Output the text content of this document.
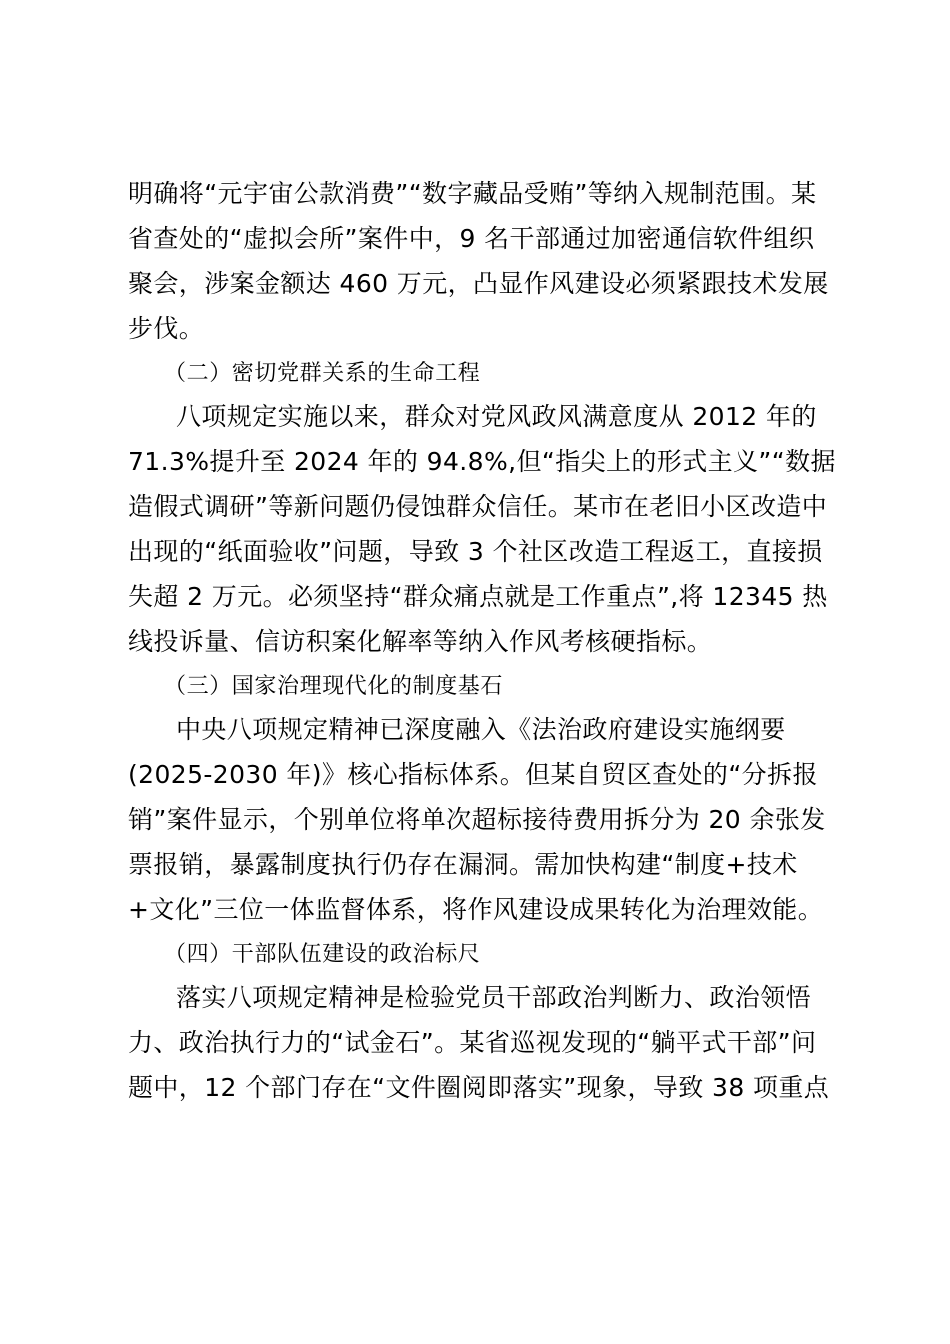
明确将“元宇宙公款消费”“数字藏品受贿”等纳入规制范围。某
省查处的“虚拟会所”案件中，9 名干部通过加密通信软件组织
聚会，涉案金额达 460 万元，凸显作风建设必须紧跟技术发展
步伐。
（二）密切党群关系的生命工程
八项规定实施以来，群众对党风政风满意度从 2012 年的
71.3%提升至 2024 年的 94.8%,但“指尖上的形式主义”“数据
造假式调研”等新问题仍侵蚀群众信任。某市在老旧小区改造中
出现的“纸面验收”问题，导致 3 个社区改造工程返工，直接损
失超 2 万元。必须坚持“群众痛点就是工作重点”,将 12345 热
线投诉量、信访积案化解率等纳入作风考核硬指标。
（三）国家治理现代化的制度基石
中央八项规定精神已深度融入《法治政府建设实施纲要
(2025-2030 年)》核心指标体系。但某自贸区查处的“分拆报
销”案件显示，个别单位将单次超标接待费用拆分为 20 余张发
票报销，暴露制度执行仍存在漏洞。需加快构建“制度+技术
+文化”三位一体监督体系，将作风建设成果转化为治理效能。
（四）干部队伍建设的政治标尺
落实八项规定精神是检验党员干部政治判断力、政治领悟
力、政治执行力的“试金石”。某省巡视发现的“躺平式干部”问
题中，12 个部门存在“文件圈阅即落实”现象，导致 38 项重点
